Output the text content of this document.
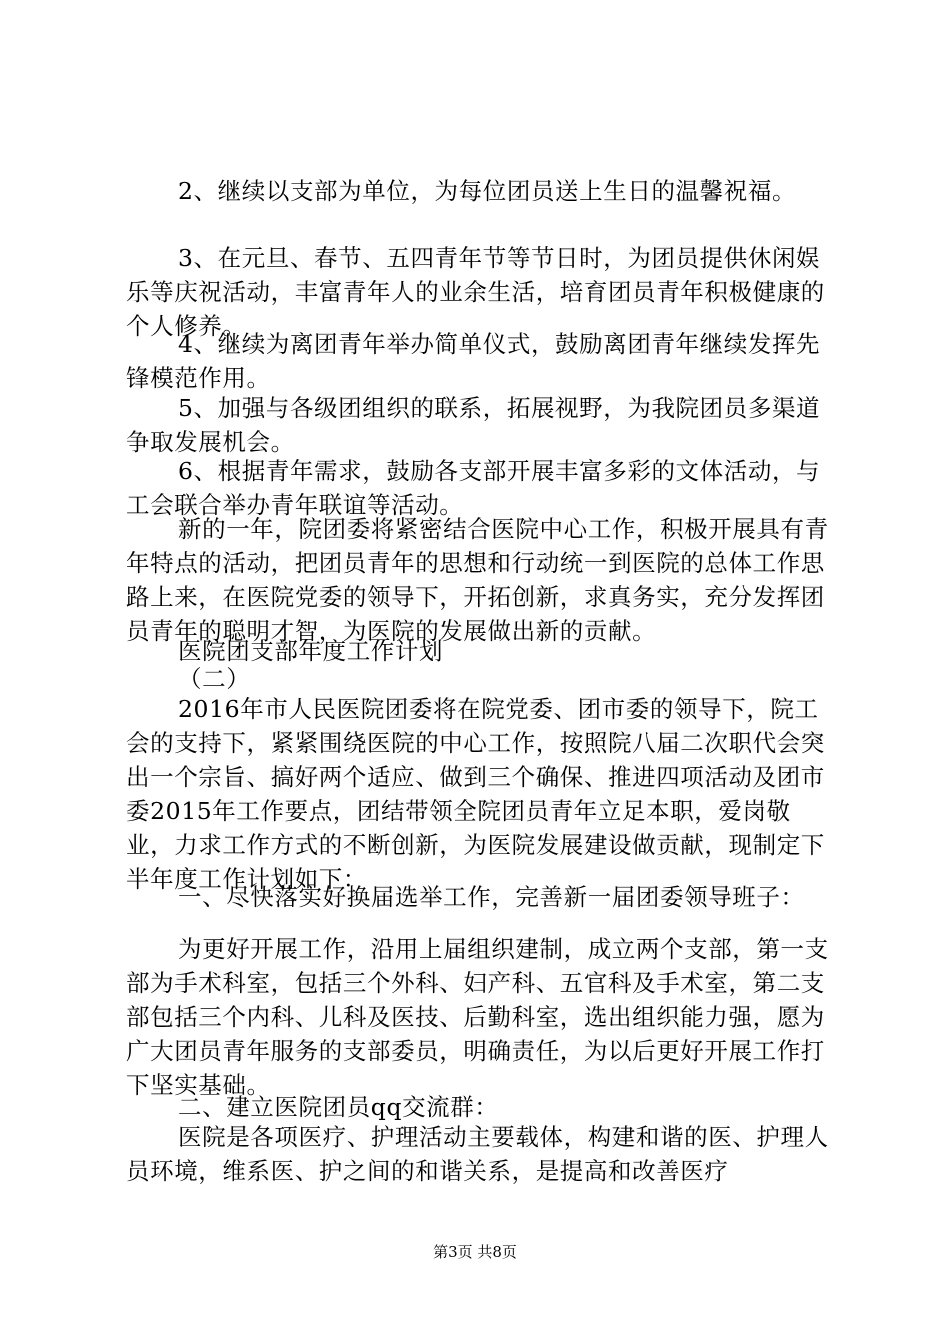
2、继续以支部为单位，为每位团员送上生日的温馨祝福。

3、在元旦、春节、五四青年节等节日时，为团员提供休闲娱乐等庆祝活动，丰富青年人的业余生活，培育团员青年积极健康的个人修养。

4、继续为离团青年举办简单仪式，鼓励离团青年继续发挥先锋模范作用。

5、加强与各级团组织的联系，拓展视野，为我院团员多渠道争取发展机会。

6、根据青年需求，鼓励各支部开展丰富多彩的文体活动，与工会联合举办青年联谊等活动。

新的一年，院团委将紧密结合医院中心工作，积极开展具有青年特点的活动，把团员青年的思想和行动统一到医院的总体工作思路上来，在医院党委的领导下，开拓创新，求真务实，充分发挥团员青年的聪明才智，为医院的发展做出新的贡献。

医院团支部年度工作计划

（二）

2016年市人民医院团委将在院党委、团市委的领导下，院工会的支持下，紧紧围绕医院的中心工作，按照院八届二次职代会突出一个宗旨、搞好两个适应、做到三个确保、推进四项活动及团市委2015年工作要点，团结带领全院团员青年立足本职，爱岗敬业，力求工作方式的不断创新，为医院发展建设做贡献，现制定下半年度工作计划如下：

一、尽快落实好换届选举工作，完善新一届团委领导班子：

为更好开展工作，沿用上届组织建制，成立两个支部，第一支部为手术科室，包括三个外科、妇产科、五官科及手术室，第二支部包括三个内科、儿科及医技、后勤科室，选出组织能力强，愿为广大团员青年服务的支部委员，明确责任，为以后更好开展工作打下坚实基础。

二、建立医院团员qq交流群：

医院是各项医疗、护理活动主要载体，构建和谐的医、护理人员环境，维系医、护之间的和谐关系，是提高和改善医疗

第3页 共8页
